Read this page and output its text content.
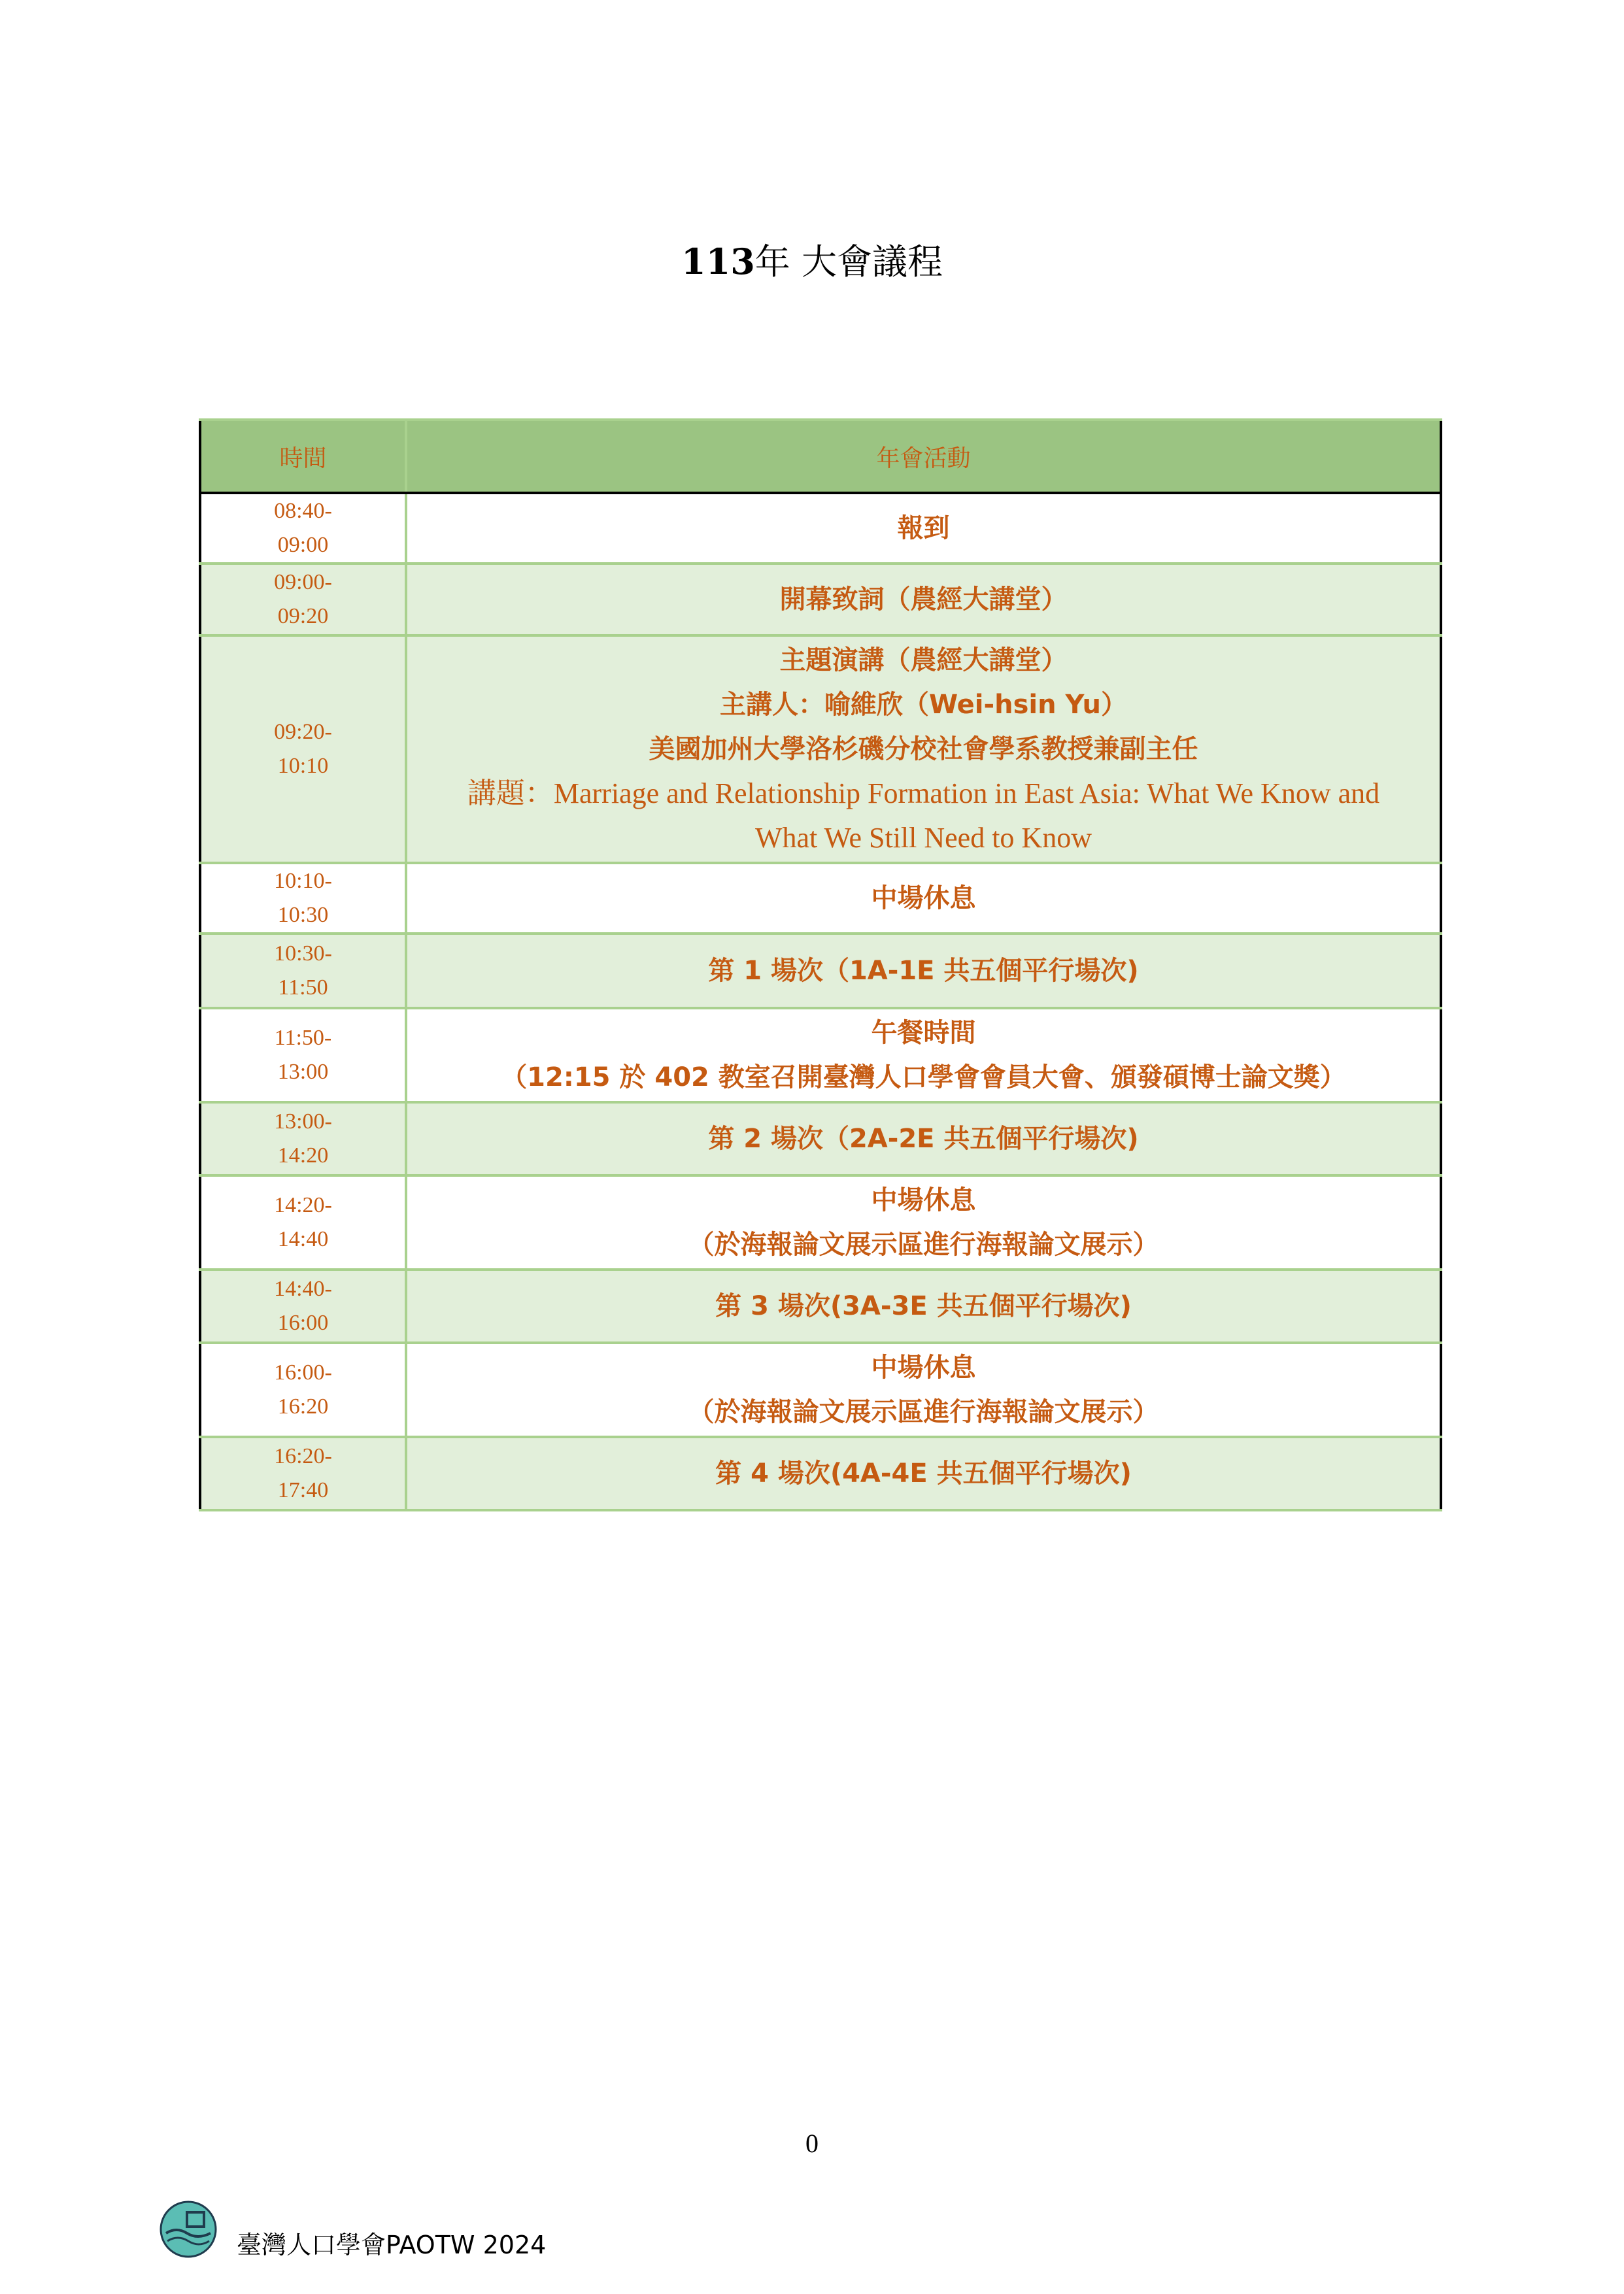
113年 大會議程
時間	年會活動

08:40-
09:00	報到

09:00-
09:20	開幕致詞（農經大講堂）

09:20-
10:10	主題演講（農經大講堂）
主講人：喻維欣（Wei-hsin Yu）
美國加州大學洛杉磯分校社會學系教授兼副主任
講題：Marriage and Relationship Formation in East Asia: What We Know and
What We Still Need to Know

10:10-
10:30	中場休息

10:30-
11:50	第 1 場次（1A-1E 共五個平行場次)

11:50-
13:00	午餐時間
（12:15 於 402 教室召開臺灣人口學會會員大會、頒發碩博士論文獎）

13:00-
14:20	第 2 場次（2A-2E 共五個平行場次)

14:20-
14:40	中場休息
（於海報論文展示區進行海報論文展示）

14:40-
16:00	第 3 場次(3A-3E 共五個平行場次)

16:00-
16:20	中場休息
（於海報論文展示區進行海報論文展示）

16:20-
17:40	第 4 場次(4A-4E 共五個平行場次)
0
臺灣人口學會PAOTW 2024
